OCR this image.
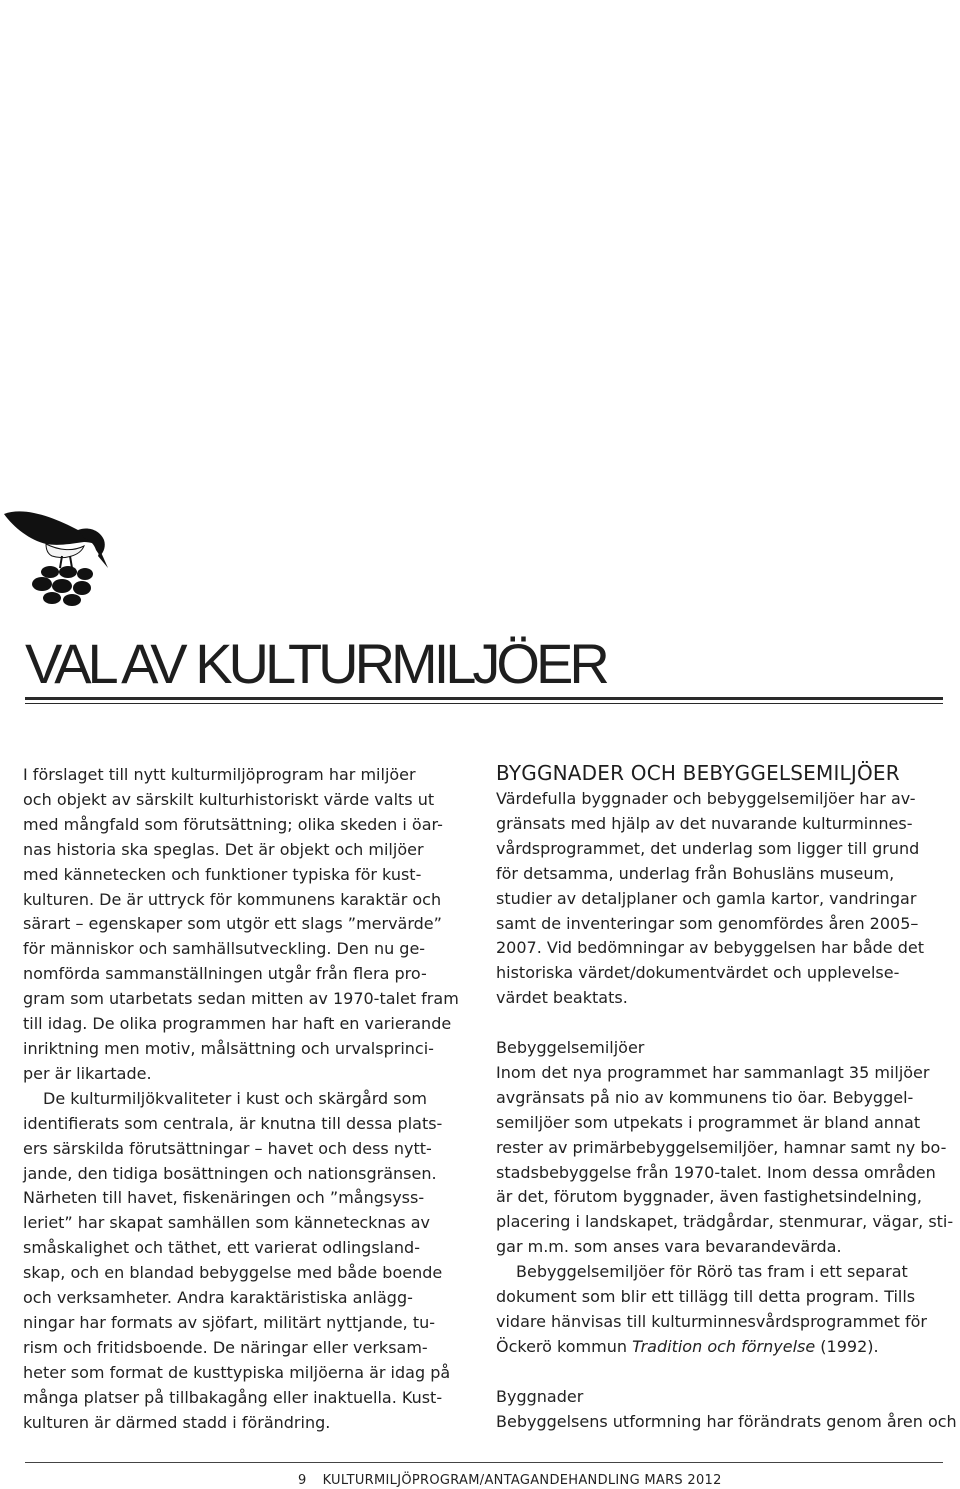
VAL AV KULTURMILJÖER

I förslaget till nytt kulturmiljöprogram har miljöer

och objekt av särskilt kulturhistoriskt värde valts ut

med mångfald som förutsättning; olika skeden i öar-

nas historia ska speglas. Det är objekt och miljöer

med kännetecken och funktioner typiska för kust-

kulturen. De är uttryck för kommunens karaktär och

särart – egenskaper som utgör ett slags ”mervärde”

för människor och samhällsutveckling. Den nu ge-

nomförda sammanställningen utgår från flera pro-

gram som utarbetats sedan mitten av 1970-talet fram

till idag. De olika programmen har haft en varierande

inriktning men motiv, målsättning och urvalsprinci-

per är likartade.

De kulturmiljökvaliteter i kust och skärgård som

identifierats som centrala, är knutna till dessa plats-

ers särskilda förutsättningar – havet och dess nytt-

jande, den tidiga bosättningen och nationsgränsen.

Närheten till havet, fiskenäringen och ”mångsyss-

leriet” har skapat samhällen som kännetecknas av

småskalighet och täthet, ett varierat odlingsland-

skap, och en blandad bebyggelse med både boende

och verksamheter. Andra karaktäristiska anlägg-

ningar har formats av sjöfart, militärt nyttjande, tu-

rism och fritidsboende. De näringar eller verksam-

heter som format de kusttypiska miljöerna är idag på

många platser på tillbakagång eller inaktuella. Kust-

kulturen är därmed stadd i förändring.

BYGGNADER OCH BEBYGGELSEMILJÖER

Värdefulla byggnader och bebyggelsemiljöer har av-

gränsats med hjälp av det nuvarande kulturminnes-

vårdsprogrammet, det underlag som ligger till grund

för detsamma, underlag från Bohusläns museum,

studier av detaljplaner och gamla kartor, vandringar

samt de inventeringar som genomfördes åren 2005–

2007. Vid bedömningar av bebyggelsen har både det

historiska värdet/dokumentvärdet och upplevelse-

värdet beaktats.

Bebyggelsemiljöer

Inom det nya programmet har sammanlagt 35 miljöer

avgränsats på nio av kommunens tio öar. Bebyggel-

semiljöer som utpekats i programmet är bland annat

rester av primärbebyggelsemiljöer, hamnar samt ny bo-

stadsbebyggelse från 1970-talet. Inom dessa områden

är det, förutom byggnader, även fastighetsindelning,

placering i landskapet, trädgårdar, stenmurar, vägar, sti-

gar m.m. som anses vara bevarandevärda.

Bebyggelsemiljöer för Rörö tas fram i ett separat

dokument som blir ett tillägg till detta program. Tills

vidare hänvisas till kulturminnesvårdsprogrammet för

Öckerö kommun Tradition och förnyelse (1992).

Byggnader

Bebyggelsens utformning har förändrats genom åren och

9 KULTURMILJÖPROGRAM/ANTAGANDEHANDLING MARS 2012
